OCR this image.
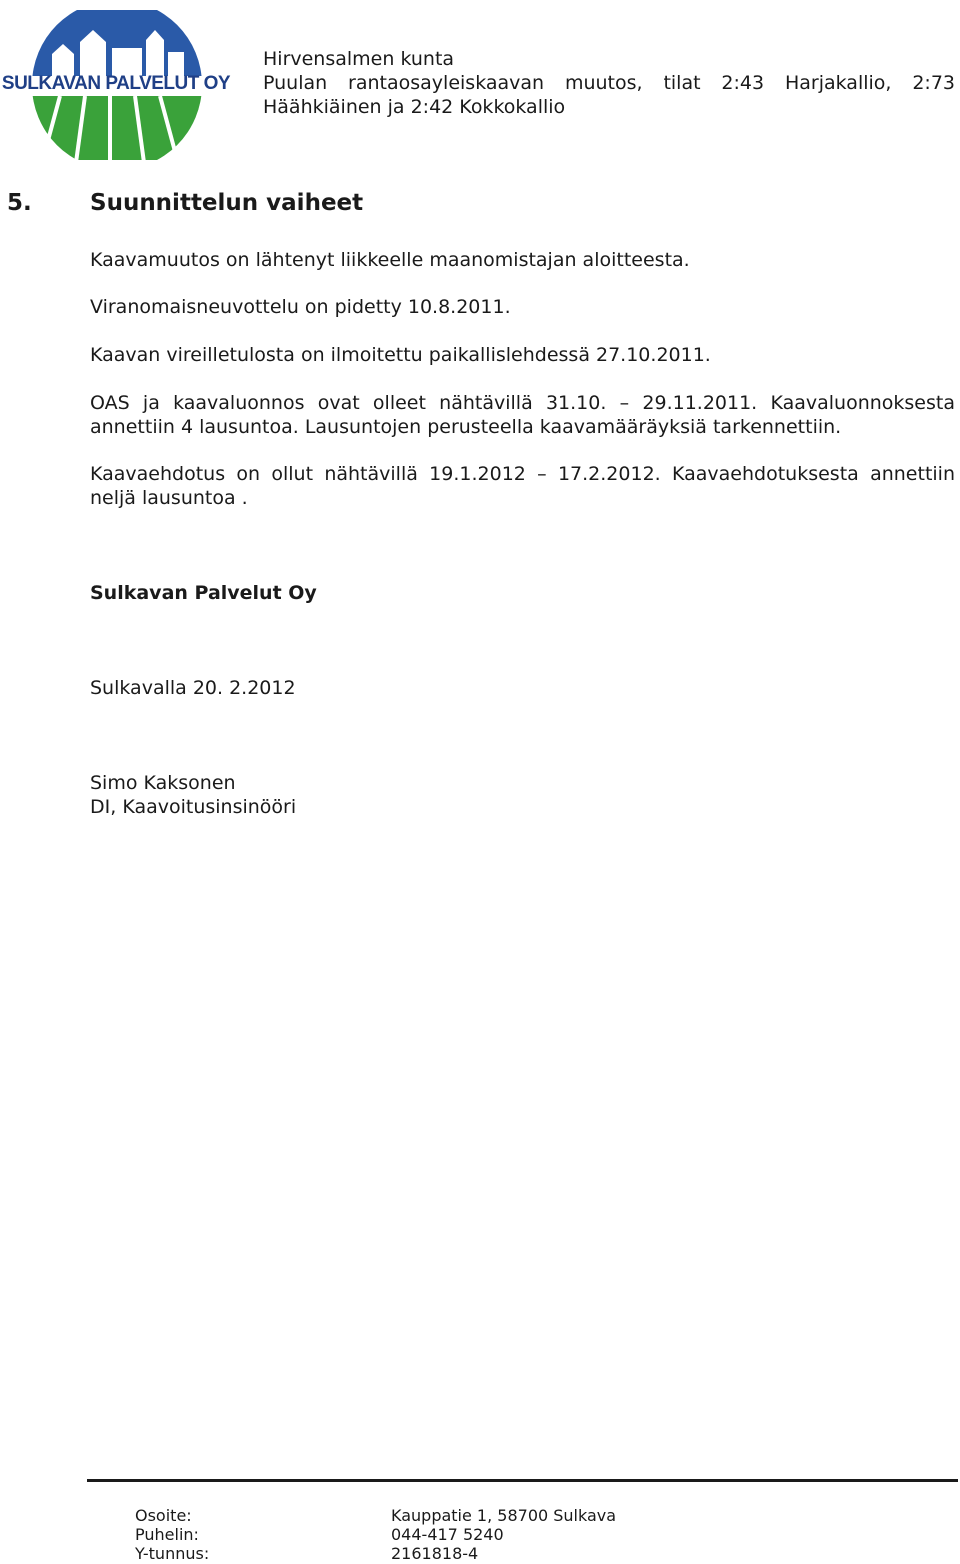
SULKAVAN PALVELUT OY
Hirvensalmen kunta
Puulan rantaosayleiskaavan muutos, tilat 2:43 Harjakallio, 2:73
Häähkiäinen ja 2:42 Kokkokallio
5.	Suunnittelun vaiheet
Kaavamuutos on lähtenyt liikkeelle maanomistajan aloitteesta.
Viranomaisneuvottelu on pidetty 10.8.2011.
Kaavan vireilletulosta on ilmoitettu paikallislehdessä 27.10.2011.
OAS ja kaavaluonnos ovat olleet nähtävillä 31.10. – 29.11.2011. Kaavaluonnoksesta annettiin 4 lausuntoa. Lausuntojen perusteella kaavamääräyksiä tarkennettiin.
Kaavaehdotus on ollut nähtävillä 19.1.2012 – 17.2.2012. Kaavaehdotuksesta annettiin neljä lausuntoa .
Sulkavan Palvelut Oy
Sulkavalla 20. 2.2012
Simo Kaksonen
DI, Kaavoitusinsinööri
Osoite:	Kauppatie 1, 58700 Sulkava
Puhelin:	044-417 5240
Y-tunnus:	2161818-4
